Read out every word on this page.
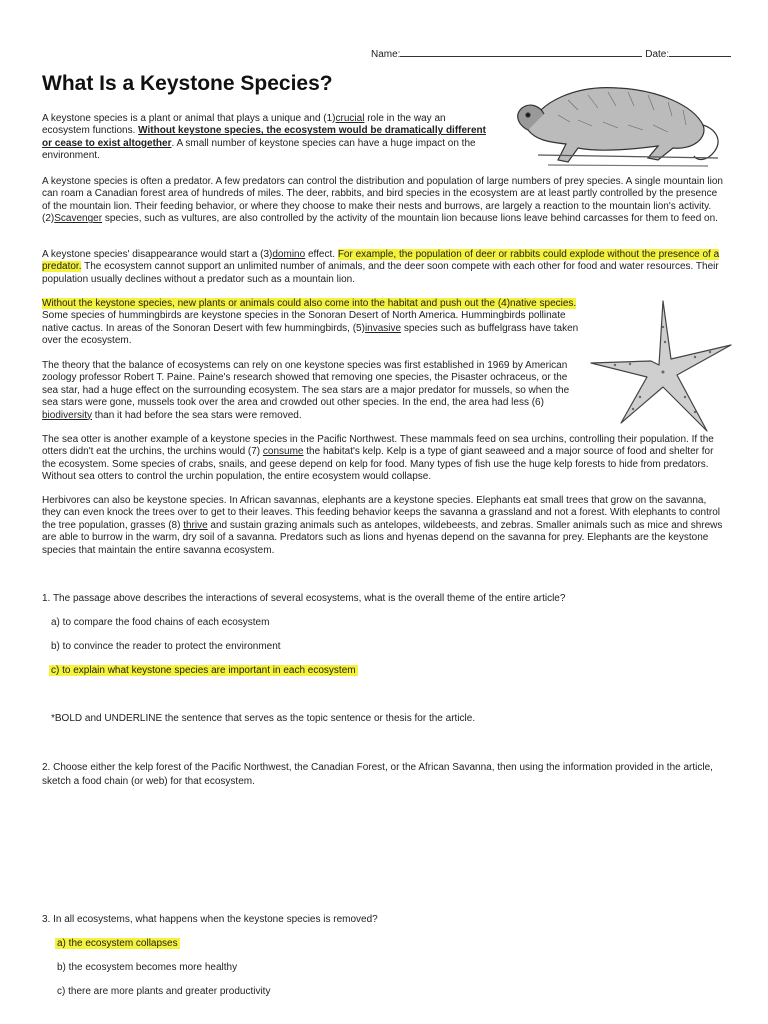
Name:	Date:
What Is a Keystone Species?
A keystone species is a plant or animal that plays a unique and (1)crucial role in the way an ecosystem functions. Without keystone species, the ecosystem would be dramatically different or cease to exist altogether. A small number of keystone species can have a huge impact on the environment.
A keystone species is often a predator. A few predators can control the distribution and population of large numbers of prey species. A single mountain lion can roam a Canadian forest area of hundreds of miles. The deer, rabbits, and bird species in the ecosystem are at least partly controlled by the presence of the mountain lion. Their feeding behavior, or where they choose to make their nests and burrows, are largely a reaction to the mountain lion's activity. (2)Scavenger species, such as vultures, are also controlled by the activity of the mountain lion because lions leave behind carcasses for them to feed on.
A keystone species' disappearance would start a (3)domino effect. For example, the population of deer or rabbits could explode without the presence of a predator. The ecosystem cannot support an unlimited number of animals, and the deer soon compete with each other for food and water resources. Their population usually declines without a predator such as a mountain lion.
Without the keystone species, new plants or animals could also come into the habitat and push out the (4)native species. Some species of hummingbirds are keystone species in the Sonoran Desert of North America. Hummingbirds pollinate native cactus. In areas of the Sonoran Desert with few hummingbirds, (5)invasive species such as buffelgrass have taken over the ecosystem.
The theory that the balance of ecosystems can rely on one keystone species was first established in 1969 by American zoology professor Robert T. Paine. Paine's research showed that removing one species, the Pisaster ochraceus, or the sea star, had a huge effect on the surrounding ecosystem. The sea stars are a major predator for mussels, so when the sea stars were gone, mussels took over the area and crowded out other species. In the end, the area had less (6) biodiversity than it had before the sea stars were removed.
The sea otter is another example of a keystone species in the Pacific Northwest. These mammals feed on sea urchins, controlling their population. If the otters didn't eat the urchins, the urchins would (7) consume the habitat's kelp. Kelp is a type of giant seaweed and a major source of food and shelter for the ecosystem. Some species of crabs, snails, and geese depend on kelp for food. Many types of fish use the huge kelp forests to hide from predators. Without sea otters to control the urchin population, the entire ecosystem would collapse.
Herbivores can also be keystone species. In African savannas, elephants are a keystone species. Elephants eat small trees that grow on the savanna, they can even knock the trees over to get to their leaves. This feeding behavior keeps the savanna a grassland and not a forest. With elephants to control the tree population, grasses (8) thrive and sustain grazing animals such as antelopes, wildebeests, and zebras. Smaller animals such as mice and shrews are able to burrow in the warm, dry soil of a savanna. Predators such as lions and hyenas depend on the savanna for prey. Elephants are the keystone species that maintain the entire savanna ecosystem.
1. The passage above describes the interactions of several ecosystems, what is the overall theme of the entire article?
a) to compare the food chains of each ecosystem
b) to convince the reader to protect the environment
c) to explain what keystone species are important in each ecosystem
*BOLD and UNDERLINE the sentence that serves as the topic sentence or thesis for the article.
2. Choose either the kelp forest of the Pacific Northwest, the Canadian Forest, or the African Savanna, then using the information provided in the article, sketch a food chain (or web) for that ecosystem.
3. In all ecosystems, what happens when the keystone species is removed?
a) the ecosystem collapses
b) the ecosystem becomes more healthy
c) there are more plants and greater productivity
